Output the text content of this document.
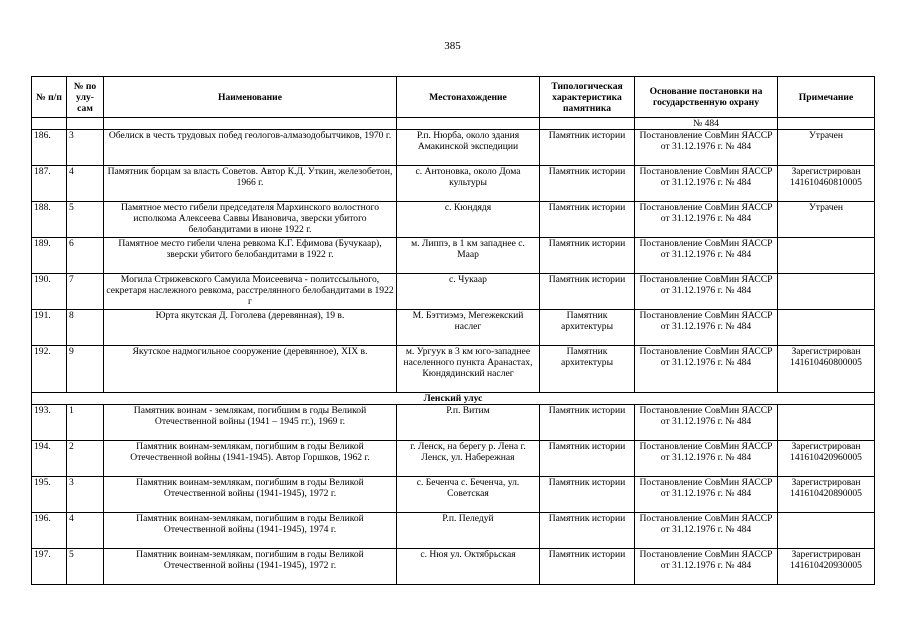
385
№ п/п	№ по улу-сам	Наименование	Местонахождение	Типологическая характеристика памятника	Основание постановки на государственную охрану	Примечание
					№ 484	
186.	3	Обелиск в честь трудовых побед геологов-алмазодобытчиков, 1970 г.	Р.п. Нюрба, около здания Амакинской экспедиции	Памятник истории	Постановление СовМин ЯАССР от 31.12.1976 г. № 484	Утрачен
187.	4	Памятник борцам за власть Советов. Автор К.Д. Уткин, железобетон, 1966 г.	с. Антоновка, около Дома культуры	Памятник истории	Постановление СовМин ЯАССР от 31.12.1976 г. № 484	Зарегистрирован 141610460810005
188.	5	Памятное место гибели председателя Мархинского волостного исполкома Алексеева Саввы Ивановича, зверски убитого белобандитами в июне 1922 г.	с. Кюндядя	Памятник истории	Постановление СовМин ЯАССР от 31.12.1976 г. № 484	Утрачен
189.	6	Памятное место гибели члена ревкома К.Г. Ефимова (Бучукаар), зверски убитого белобандитами в 1922 г.	м. Липпэ, в 1 км западнее с. Маар	Памятник истории	Постановление СовМин ЯАССР от 31.12.1976 г. № 484	
190.	7	Могила Стрижевского Самуила Моисеевича - политссыльного, секретаря наслежного ревкома, расстрелянного белобандитами в 1922 г	с. Чукаар	Памятник истории	Постановление СовМин ЯАССР от 31.12.1976 г. № 484	
191.	8	Юрта якутская Д. Гоголева (деревянная), 19 в.	М. Бэттиэмэ, Мегежекский наслег	Памятник архитектуры	Постановление СовМин ЯАССР от 31.12.1976 г. № 484	
192.	9	Якутское надмогильное сооружение (деревянное), XIX в.	м. Ургуук в 3 км юго-западнее населенного пункта Аранастах, Кюндядинский наслег	Памятник архитектуры	Постановление СовМин ЯАССР от 31.12.1976 г. № 484	Зарегистрирован 141610460800005
Ленский улус						
193.	1	Памятник воинам - землякам, погибшим в годы Великой Отечественной войны (1941 – 1945 гг.), 1969 г.	Р.п. Витим	Памятник истории	Постановление СовМин ЯАССР от 31.12.1976 г. № 484	
194.	2	Памятник воинам-землякам, погибшим в годы Великой Отечественной войны (1941-1945). Автор Горшков, 1962 г.	г. Ленск, на берегу р. Лена г. Ленск, ул. Набережная	Памятник истории	Постановление СовМин ЯАССР от 31.12.1976 г. № 484	Зарегистрирован 141610420960005
195.	3	Памятник воинам-землякам, погибшим в годы Великой Отечественной войны (1941-1945), 1972 г.	с. Беченча с. Беченча, ул. Советская	Памятник истории	Постановление СовМин ЯАССР от 31.12.1976 г. № 484	Зарегистрирован 141610420890005
196.	4	Памятник воинам-землякам, погибшим в годы Великой Отечественной войны (1941-1945), 1974 г.	Р.п. Пеледуй	Памятник истории	Постановление СовМин ЯАССР от 31.12.1976 г. № 484	
197.	5	Памятник воинам-землякам, погибшим в годы Великой Отечественной войны (1941-1945), 1972 г.	с. Нюя ул. Октябрьская	Памятник истории	Постановление СовМин ЯАССР от 31.12.1976 г. № 484	Зарегистрирован 141610420930005
